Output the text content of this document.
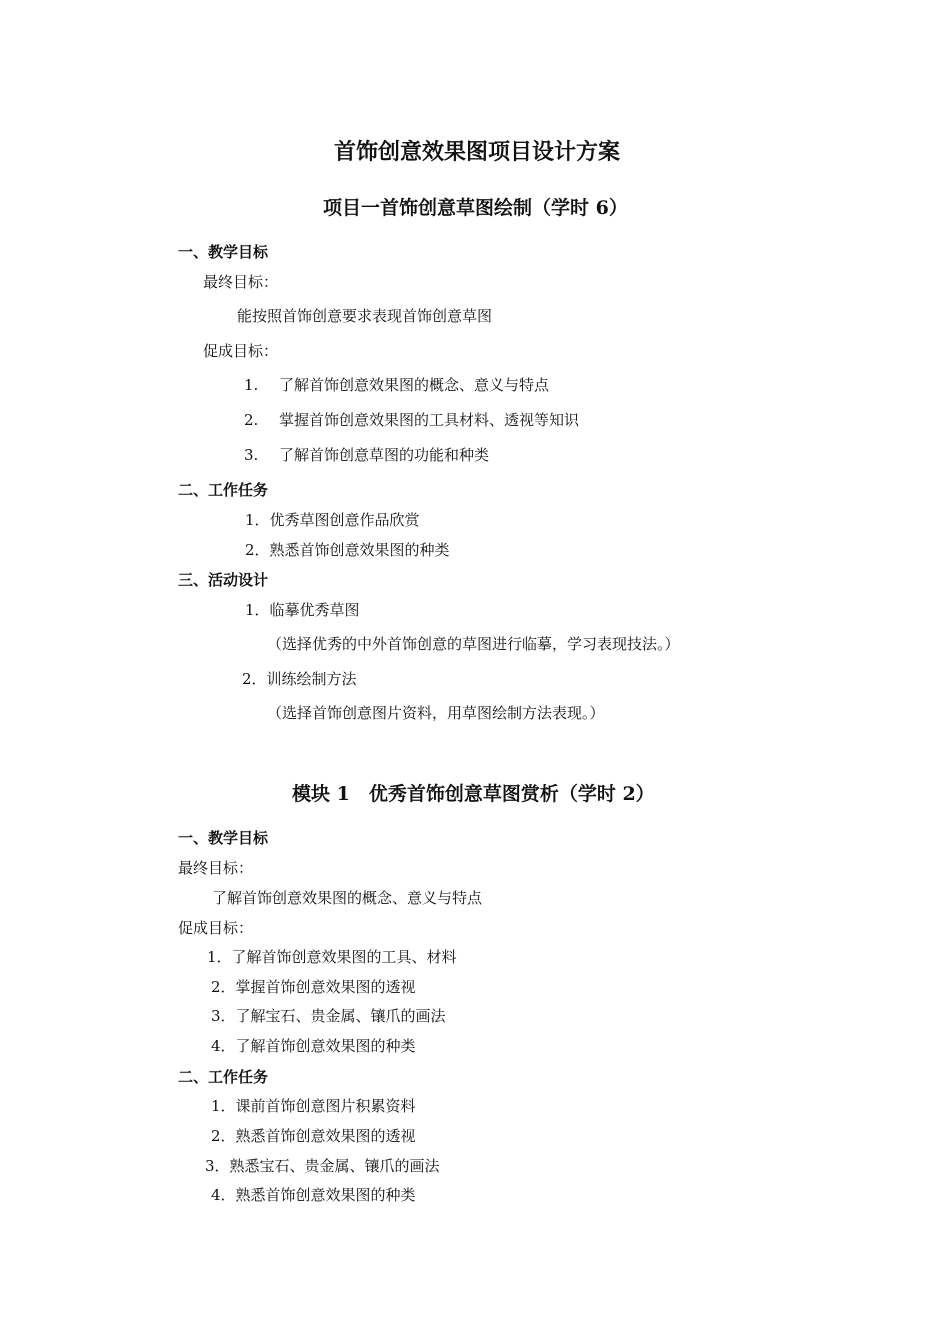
首饰创意效果图项目设计方案
项目一首饰创意草图绘制（学时 6）
一、教学目标
最终目标：
能按照首饰创意要求表现首饰创意草图
促成目标：
1. 了解首饰创意效果图的概念、意义与特点
2. 掌握首饰创意效果图的工具材料、透视等知识
3. 了解首饰创意草图的功能和种类
二、工作任务
1．优秀草图创意作品欣赏
2．熟悉首饰创意效果图的种类
三、活动设计
1．临摹优秀草图
（选择优秀的中外首饰创意的草图进行临摹，学习表现技法。）
2．训练绘制方法
（选择首饰创意图片资料，用草图绘制方法表现。）
模块 1　优秀首饰创意草图赏析（学时 2）
一、教学目标
最终目标：
了解首饰创意效果图的概念、意义与特点
促成目标：
1．了解首饰创意效果图的工具、材料
2．掌握首饰创意效果图的透视
3．了解宝石、贵金属、镶爪的画法
4．了解首饰创意效果图的种类
二、工作任务
1．课前首饰创意图片积累资料
2．熟悉首饰创意效果图的透视
3．熟悉宝石、贵金属、镶爪的画法
4．熟悉首饰创意效果图的种类
